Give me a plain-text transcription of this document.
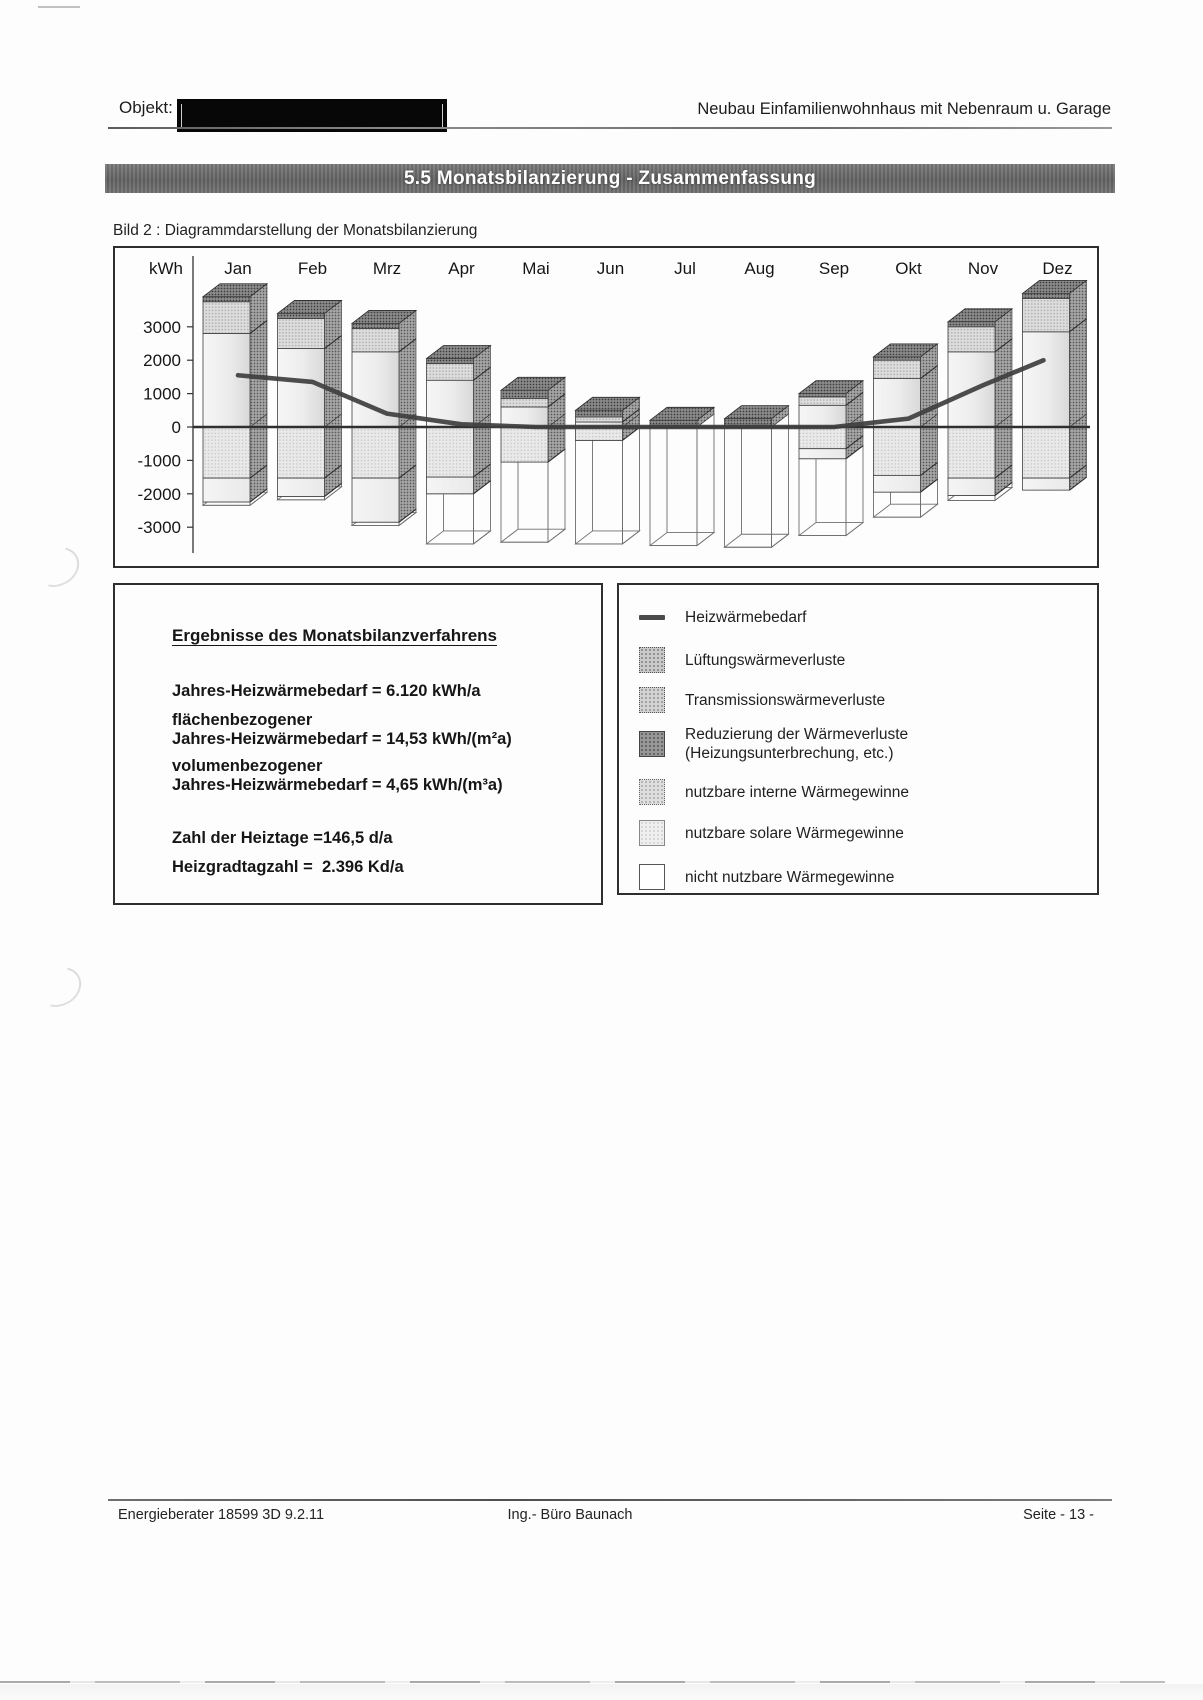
Objekt:	Neubau Einfamilienwohnhaus mit Nebenraum u. Garage
5.5 Monatsbilanzierung - Zusammenfassung
Bild 2 : Diagrammdarstellung der Monatsbilanzierung
kWh
3000
2000
1000
0
-1000
-2000
-3000
Jan	Feb	Mrz	Apr	Mai	Jun	Jul	Aug	Sep	Okt	Nov	Dez
Ergebnisse des Monatsbilanzverfahrens
Jahres-Heizwärmebedarf = 6.120 kWh/a
flächenbezogener
Jahres-Heizwärmebedarf = 14,53 kWh/(m²a)
volumenbezogener
Jahres-Heizwärmebedarf = 4,65 kWh/(m³a)
Zahl der Heiztage =146,5 d/a
Heizgradtagzahl = 2.396 Kd/a
Heizwärmebedarf
Lüftungswärmeverluste
Transmissionswärmeverluste
Reduzierung der Wärmeverluste
(Heizungsunterbrechung, etc.)
nutzbare interne Wärmegewinne
nutzbare solare Wärmegewinne
nicht nutzbare Wärmegewinne
Energieberater 18599 3D 9.2.11	Ing.- Büro Baunach	Seite - 13 -
